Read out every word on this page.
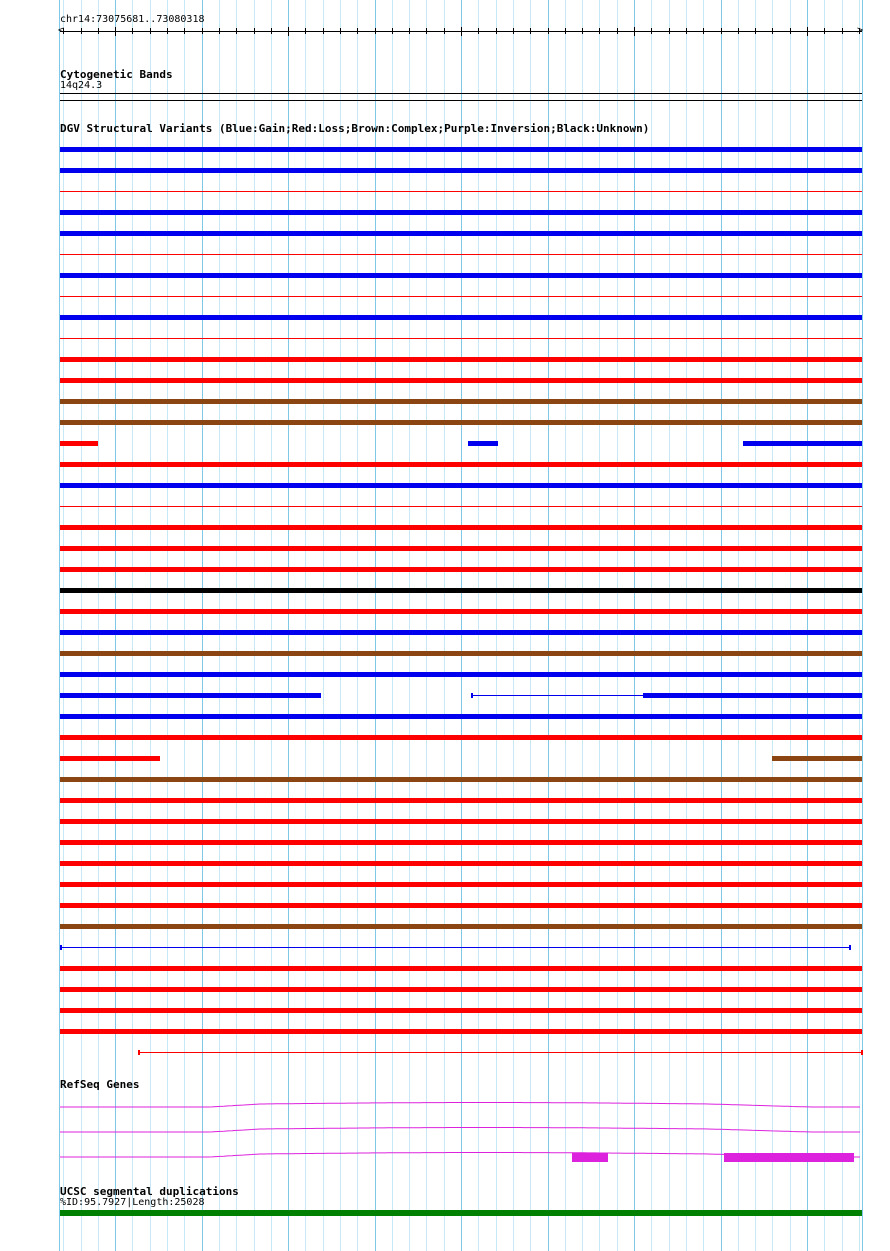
chr14:73075681..73080318
<	>
Cytogenetic Bands
14q24.3
DGV Structural Variants (Blue:Gain;Red:Loss;Brown:Complex;Purple:Inversion;Black:Unknown)
RefSeq Genes
UCSC segmental duplications
%ID:95.7927|Length:25028
